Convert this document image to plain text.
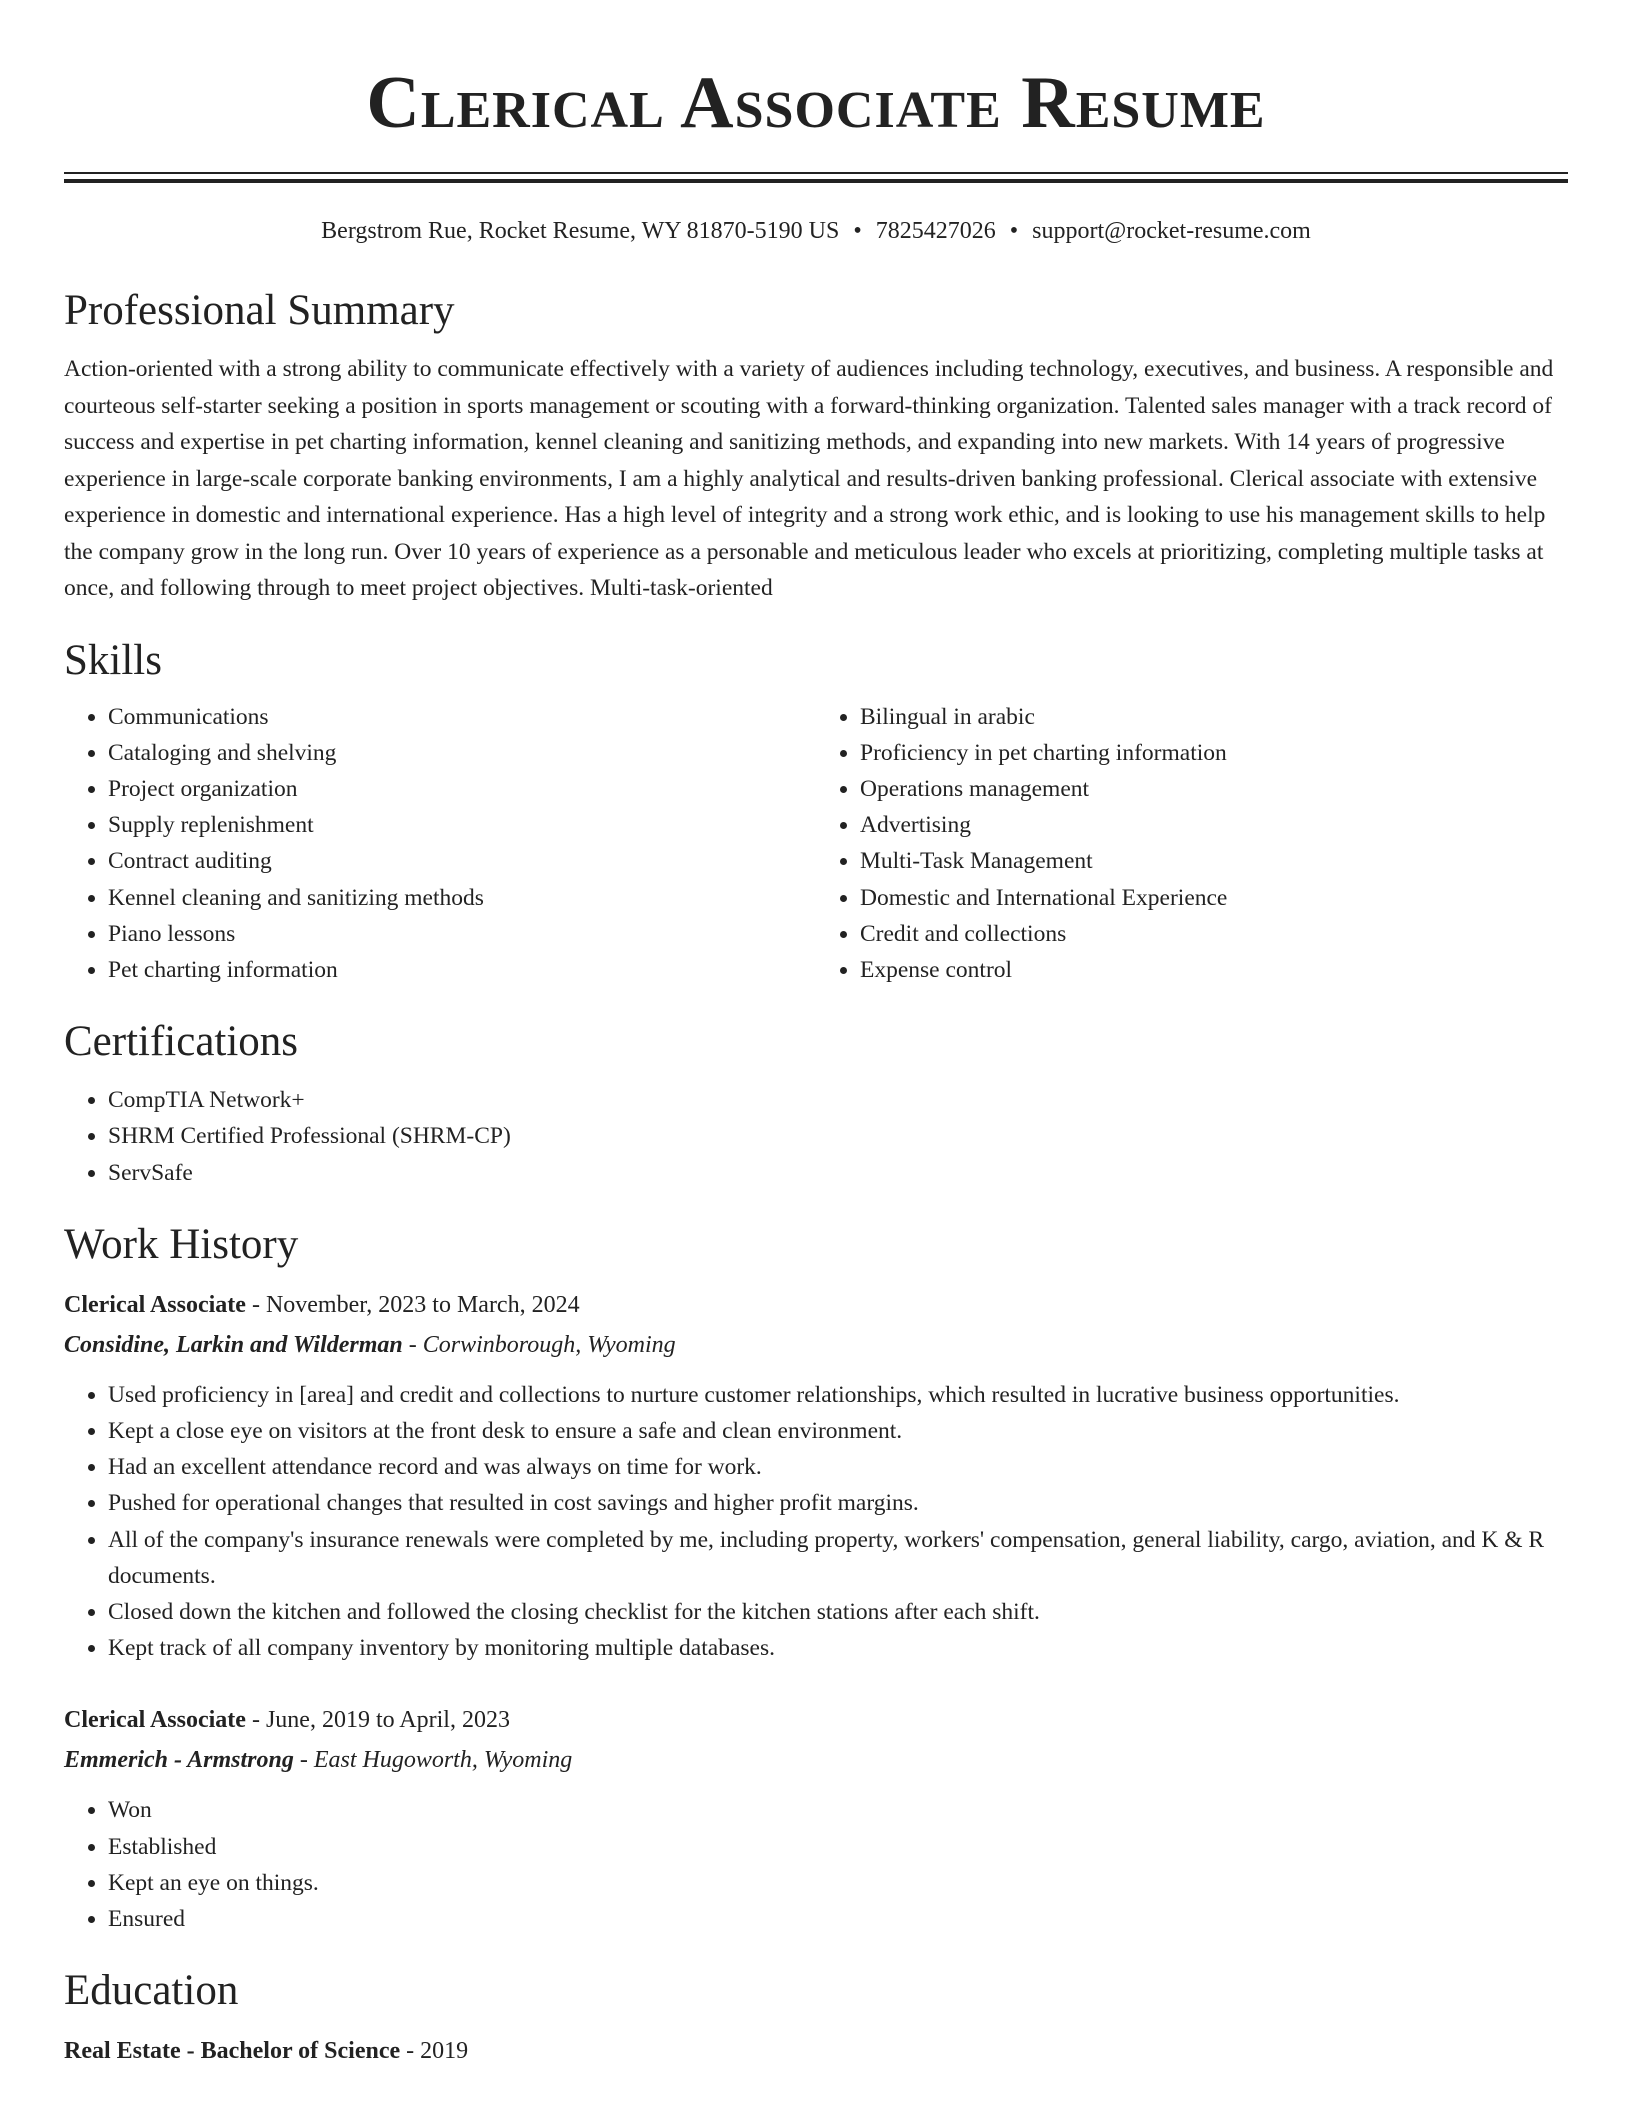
Clerical Associate Resume
Bergstrom Rue, Rocket Resume, WY 81870-5190 US • 7825427026 • support@rocket-resume.com
Professional Summary

Action-oriented with a strong ability to communicate effectively with a variety of audiences including technology, executives, and business. A responsible and courteous self-starter seeking a position in sports management or scouting with a forward-thinking organization. Talented sales manager with a track record of success and expertise in pet charting information, kennel cleaning and sanitizing methods, and expanding into new markets. With 14 years of progressive experience in large-scale corporate banking environments, I am a highly analytical and results-driven banking professional. Clerical associate with extensive experience in domestic and international experience. Has a high level of integrity and a strong work ethic, and is looking to use his management skills to help the company grow in the long run. Over 10 years of experience as a personable and meticulous leader who excels at prioritizing, completing multiple tasks at once, and following through to meet project objectives. Multi-task-oriented

Skills
• Communications
• Cataloging and shelving
• Project organization
• Supply replenishment
• Contract auditing
• Kennel cleaning and sanitizing methods
• Piano lessons
• Pet charting information
• Bilingual in arabic
• Proficiency in pet charting information
• Operations management
• Advertising
• Multi-Task Management
• Domestic and International Experience
• Credit and collections
• Expense control
Certifications
• CompTIA Network+
• SHRM Certified Professional (SHRM-CP)
• ServSafe
Work History
Clerical Associate - November, 2023 to March, 2024
Considine, Larkin and Wilderman - Corwinborough, Wyoming
• Used proficiency in [area] and credit and collections to nurture customer relationships, which resulted in lucrative business opportunities.
• Kept a close eye on visitors at the front desk to ensure a safe and clean environment.
• Had an excellent attendance record and was always on time for work.
• Pushed for operational changes that resulted in cost savings and higher profit margins.
• All of the company's insurance renewals were completed by me, including property, workers' compensation, general liability, cargo, aviation, and K & R documents.
• Closed down the kitchen and followed the closing checklist for the kitchen stations after each shift.
• Kept track of all company inventory by monitoring multiple databases.
Clerical Associate - June, 2019 to April, 2023
Emmerich - Armstrong - East Hugoworth, Wyoming
• Won
• Established
• Kept an eye on things.
• Ensured
Education
Real Estate - Bachelor of Science - 2019
